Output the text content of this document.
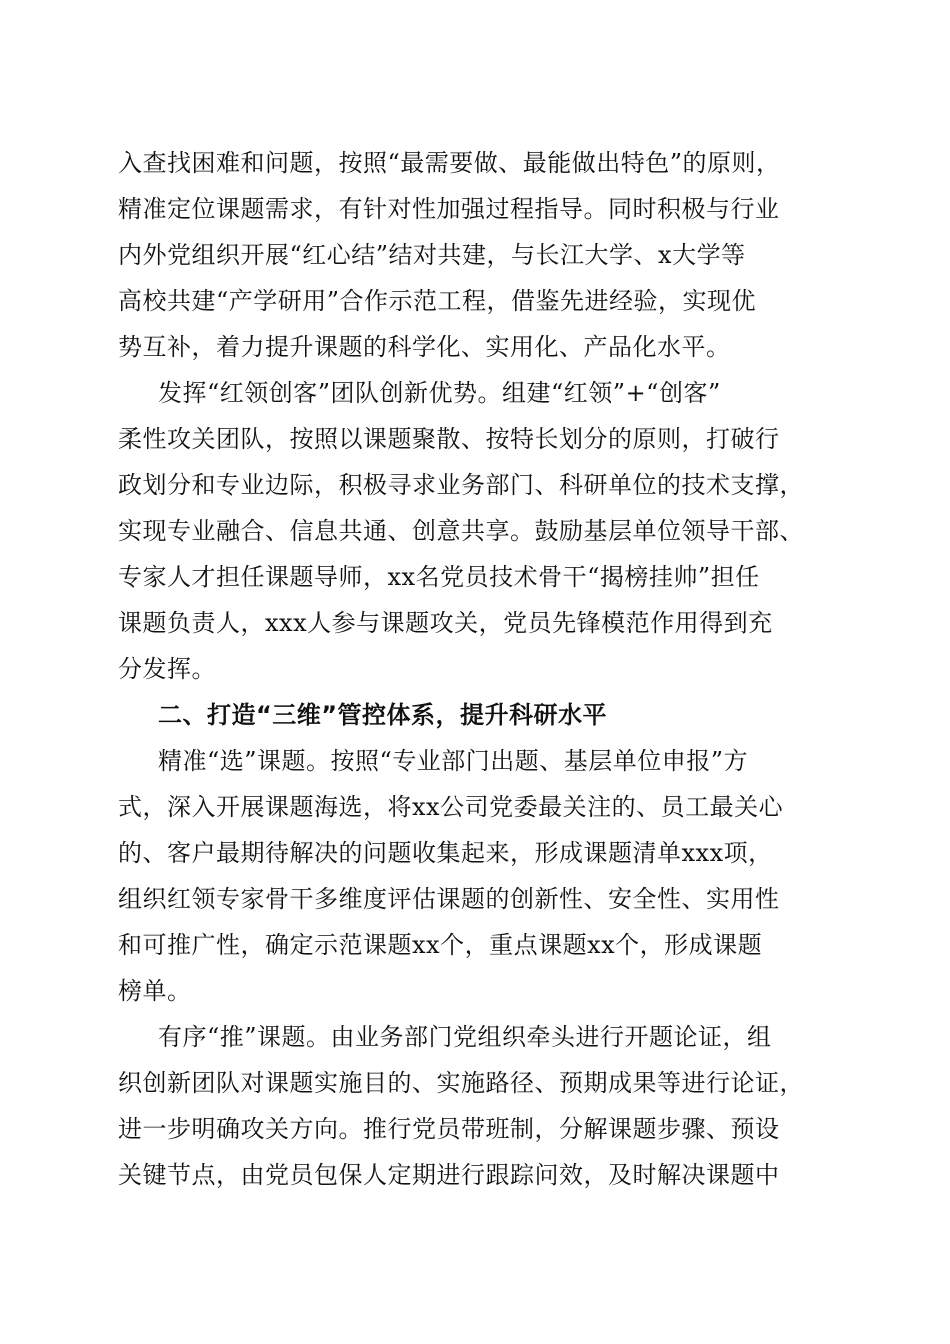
入查找困难和问题，按照“最需要做、最能做出特色”的原则，
精准定位课题需求，有针对性加强过程指导。同时积极与行业
内外党组织开展“红心结”结对共建，与长江大学、x大学等
高校共建“产学研用”合作示范工程，借鉴先进经验，实现优
势互补，着力提升课题的科学化、实用化、产品化水平。
发挥“红领创客”团队创新优势。组建“红领”+“创客”
柔性攻关团队，按照以课题聚散、按特长划分的原则，打破行
政划分和专业边际，积极寻求业务部门、科研单位的技术支撑，
实现专业融合、信息共通、创意共享。鼓励基层单位领导干部、
专家人才担任课题导师，xx名党员技术骨干“揭榜挂帅”担任
课题负责人，xxx人参与课题攻关，党员先锋模范作用得到充
分发挥。
二、打造“三维”管控体系，提升科研水平
精准“选”课题。按照“专业部门出题、基层单位申报”方
式，深入开展课题海选，将xx公司党委最关注的、员工最关心
的、客户最期待解决的问题收集起来，形成课题清单xxx项，
组织红领专家骨干多维度评估课题的创新性、安全性、实用性
和可推广性，确定示范课题xx个，重点课题xx个，形成课题
榜单。
有序“推”课题。由业务部门党组织牵头进行开题论证，组
织创新团队对课题实施目的、实施路径、预期成果等进行论证，
进一步明确攻关方向。推行党员带班制，分解课题步骤、预设
关键节点，由党员包保人定期进行跟踪问效，及时解决课题中
